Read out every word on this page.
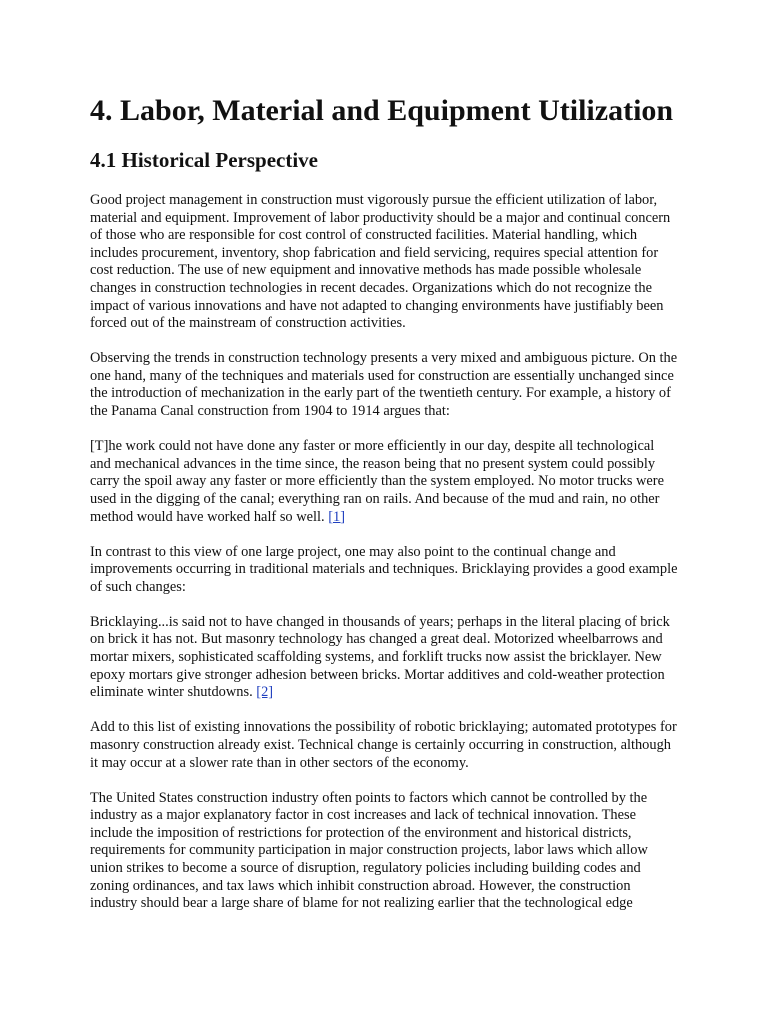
4. Labor, Material and Equipment Utilization
4.1 Historical Perspective

Good project management in construction must vigorously pursue the efficient utilization of labor, material and equipment. Improvement of labor productivity should be a major and continual concern of those who are responsible for cost control of constructed facilities. Material handling, which includes procurement, inventory, shop fabrication and field servicing, requires special attention for cost reduction. The use of new equipment and innovative methods has made possible wholesale changes in construction technologies in recent decades. Organizations which do not recognize the impact of various innovations and have not adapted to changing environments have justifiably been forced out of the mainstream of construction activities.

Observing the trends in construction technology presents a very mixed and ambiguous picture. On the one hand, many of the techniques and materials used for construction are essentially unchanged since the introduction of mechanization in the early part of the twentieth century. For example, a history of the Panama Canal construction from 1904 to 1914 argues that:

[T]he work could not have done any faster or more efficiently in our day, despite all technological and mechanical advances in the time since, the reason being that no present system could possibly carry the spoil away any faster or more efficiently than the system employed. No motor trucks were used in the digging of the canal; everything ran on rails. And because of the mud and rain, no other method would have worked half so well. [1]

In contrast to this view of one large project, one may also point to the continual change and improvements occurring in traditional materials and techniques. Bricklaying provides a good example of such changes:

Bricklaying...is said not to have changed in thousands of years; perhaps in the literal placing of brick on brick it has not. But masonry technology has changed a great deal. Motorized wheelbarrows and mortar mixers, sophisticated scaffolding systems, and forklift trucks now assist the bricklayer. New epoxy mortars give stronger adhesion between bricks. Mortar additives and cold-weather protection eliminate winter shutdowns. [2]

Add to this list of existing innovations the possibility of robotic bricklaying; automated prototypes for masonry construction already exist. Technical change is certainly occurring in construction, although it may occur at a slower rate than in other sectors of the economy.

The United States construction industry often points to factors which cannot be controlled by the industry as a major explanatory factor in cost increases and lack of technical innovation. These include the imposition of restrictions for protection of the environment and historical districts, requirements for community participation in major construction projects, labor laws which allow union strikes to become a source of disruption, regulatory policies including building codes and zoning ordinances, and tax laws which inhibit construction abroad. However, the construction industry should bear a large share of blame for not realizing earlier that the technological edge
